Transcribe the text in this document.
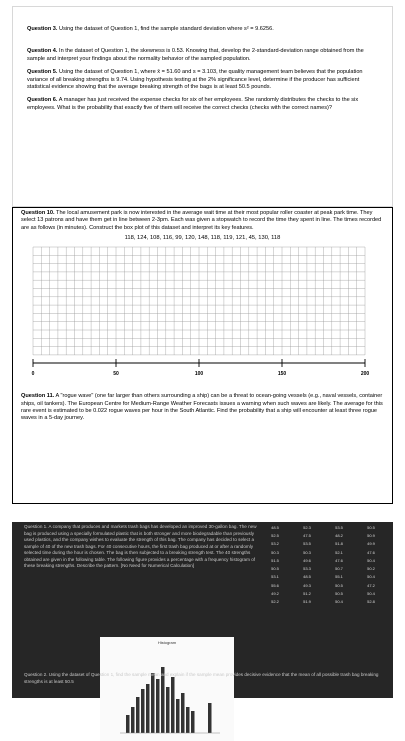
Question 3. Using the dataset of Question 1, find the sample standard deviation where s² = 9.6256.

Question 4. In the dataset of Question 1, the skewness is 0.53. Knowing that, develop the 2-standard-deviation range obtained from the sample and interpret your findings about the normality behavior of the sampled population.

Question 5. Using the dataset of Question 1, where x̄ = 51.60 and s = 3.103, the quality management team believes that the population variance of all breaking strengths is 9.74. Using hypothesis testing at the 2% significance level, determine if the producer has sufficient statistical evidence showing that the average breaking strength of the bags is at least 50.5 pounds.

Question 6. A manager has just received the expense checks for six of her employees. She randomly distributes the checks to the six employees. What is the probability that exactly five of them will receive the correct checks (checks with the correct names)?

Question 10. The local amusement park is now interested in the average wait time at their most popular roller coaster at peak park time. They select 13 patrons and have them get in line between 2-3pm. Each was given a stopwatch to record the time they spent in line. The times recorded are as follows (in minutes). Construct the box plot of this dataset and interpret its key features.

118, 124, 108, 116, 99, 120, 148, 118, 119, 121, 45, 130, 118
0	50	100	150	200

Question 11. A "rogue wave" (one far larger than others surrounding a ship) can be a threat to ocean-going vessels (e.g., naval vessels, container ships, oil tankers). The European Centre for Medium-Range Weather Forecasts issues a warning when such waves are likely. The average for this rare event is estimated to be 0.022 rogue waves per hour in the South Atlantic. Find the probability that a ship will encounter at least three rogue waves in a 5-day journey.

Question 1. A company that produces and markets trash bags has developed an improved 30-gallon bag. The new bag is produced using a specially formulated plastic that is both stronger and more biodegradable than previously used plastics, and the company wishes to evaluate the strength of this bag. The company has decided to select a sample of 40 of the new trash bags. For 40 consecutive hours, the first trash bag produced at or after a randomly selected time during the hour is chosen. The bag is then subjected to a breaking strength test. The 40 strengths obtained are given in the following table. The following figure provides a percentage with a frequency histogram of these breaking strengths. Describe the pattern. [No Need for Numerical Calculation]
48.5	52.3	53.5	50.5
52.5	47.5	48.2	50.9
53.2	53.5	51.8	49.9
50.3	50.3	52.1	47.6
51.5	49.6	47.6	50.4
50.5	53.3	50.7	50.2
53.1	48.5	55.1	50.4
55.6	49.3	50.5	47.2
49.2	51.2	50.5	50.4
52.2	51.9	50.4	52.8
Histogram
Question 2. Using the dataset of Question 1, find the sample mean and explain if the sample mean provides decisive evidence that the mean of all possible trash bag breaking strengths is at least 50.5
